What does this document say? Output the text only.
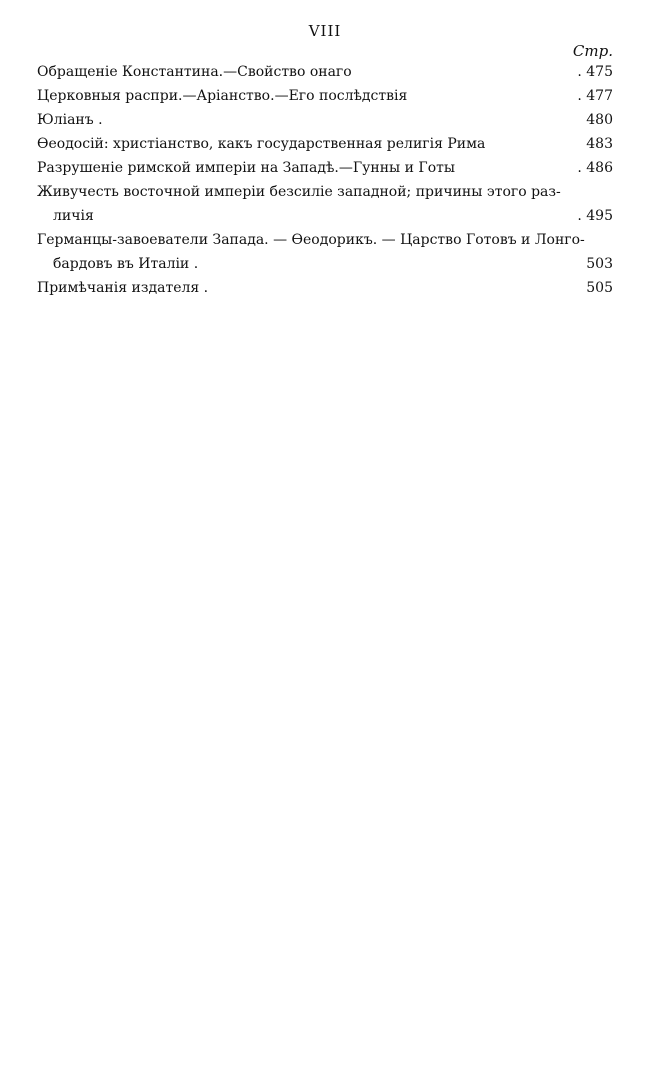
VIII
Стр.
Обращеніе Константина.—Свойство онаго	. 475
Церковныя распри.—Аріанство.—Его послѣдствія	. 477
Юліанъ .	480
Өеодосій: христіанство, какъ государственная религія Рима	483
Разрушеніе римской имперіи на Западѣ.—Гунны и Готы	. 486
Живучесть восточной имперіи безсиліе западной; причины этого раз-
личія	. 495
Германцы-завоеватели Запада. — Өеодорикъ. — Царство Готовъ и Лонго-
бардовъ въ Италіи .	503
Примѣчанія издателя .	505
